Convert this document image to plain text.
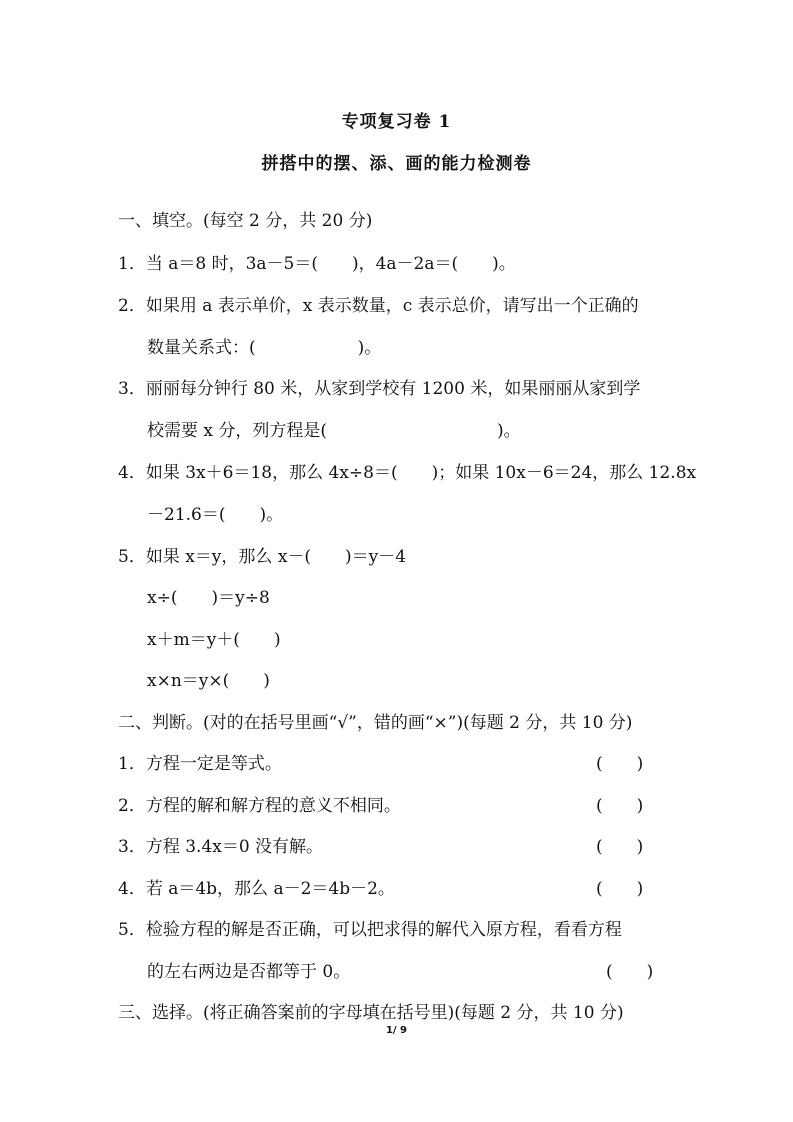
专项复习卷 1
拼搭中的摆、添、画的能力检测卷
一、填空。(每空 2 分，共 20 分)
1．当 a＝8 时，3a－5＝(　　)，4a－2a＝(　　)。
2．如果用 a 表示单价，x 表示数量，c 表示总价，请写出一个正确的
数量关系式：(　　　　　　)。
3．丽丽每分钟行 80 米，从家到学校有 1200 米，如果丽丽从家到学
校需要 x 分，列方程是(　　　　　　　　　　)。
4．如果 3x＋6＝18，那么 4x÷8＝(　　)；如果 10x－6＝24，那么 12.8x
－21.6＝(　　)。
5．如果 x＝y，那么 x－(　　)＝y－4
x÷(　　)＝y÷8
x＋m＝y＋(　　)
x×n＝y×(　　)
二、判断。(对的在括号里画“√”，错的画“×”)(每题 2 分，共 10 分)
1．方程一定是等式。	(　　)
2．方程的解和解方程的意义不相同。	(　　)
3．方程 3.4x＝0 没有解。	(　　)
4．若 a＝4b，那么 a－2＝4b－2。	(　　)
5．检验方程的解是否正确，可以把求得的解代入原方程，看看方程
的左右两边是否都等于 0。	(　　)
三、选择。(将正确答案前的字母填在括号里)(每题 2 分，共 10 分)
1/ 9
